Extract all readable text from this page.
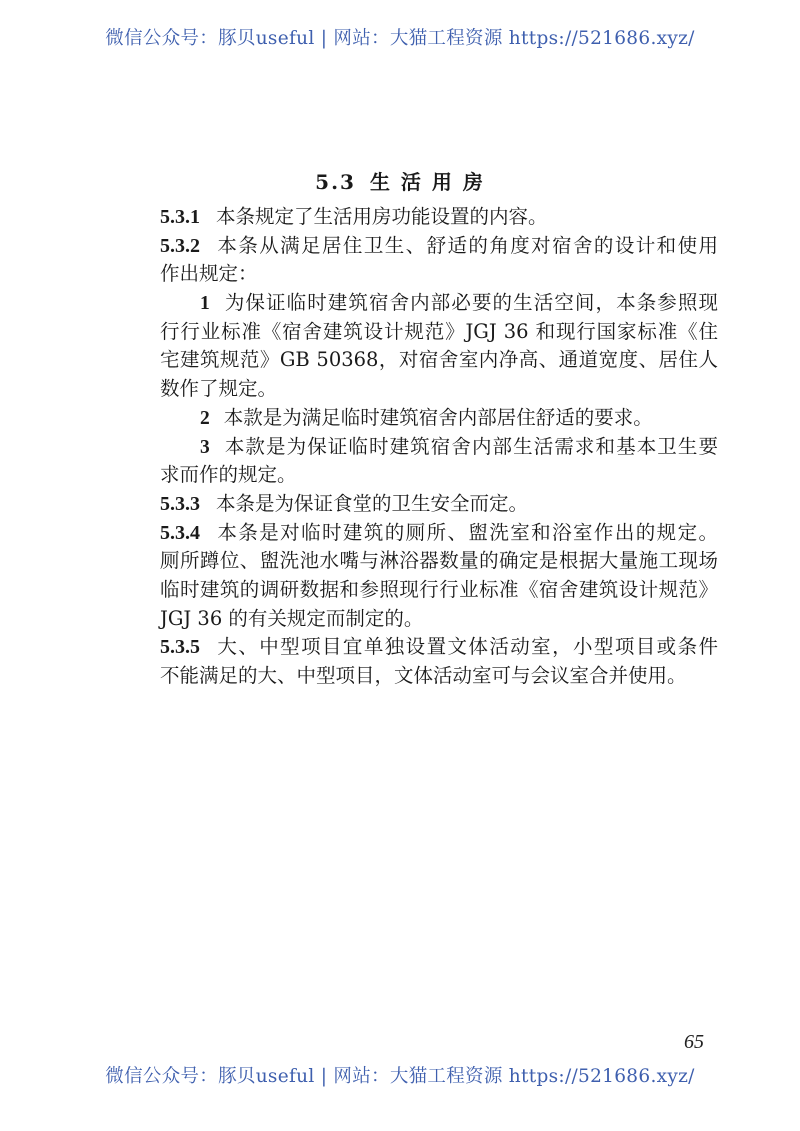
微信公众号：豚贝useful | 网站：大猫工程资源 https://521686.xyz/
5.3 生 活 用 房
5.3.1 本条规定了生活用房功能设置的内容。
5.3.2 本条从满足居住卫生、舒适的角度对宿舍的设计和使用
作出规定：
1 为保证临时建筑宿舍内部必要的生活空间，本条参照现
行行业标准《宿舍建筑设计规范》JGJ 36 和现行国家标准《住
宅建筑规范》GB 50368，对宿舍室内净高、通道宽度、居住人
数作了规定。
2 本款是为满足临时建筑宿舍内部居住舒适的要求。
3 本款是为保证临时建筑宿舍内部生活需求和基本卫生要
求而作的规定。
5.3.3 本条是为保证食堂的卫生安全而定。
5.3.4 本条是对临时建筑的厕所、盥洗室和浴室作出的规定。
厕所蹲位、盥洗池水嘴与淋浴器数量的确定是根据大量施工现场
临时建筑的调研数据和参照现行行业标准《宿舍建筑设计规范》
JGJ 36 的有关规定而制定的。
5.3.5 大、中型项目宜单独设置文体活动室，小型项目或条件
不能满足的大、中型项目，文体活动室可与会议室合并使用。
65
微信公众号：豚贝useful | 网站：大猫工程资源 https://521686.xyz/
